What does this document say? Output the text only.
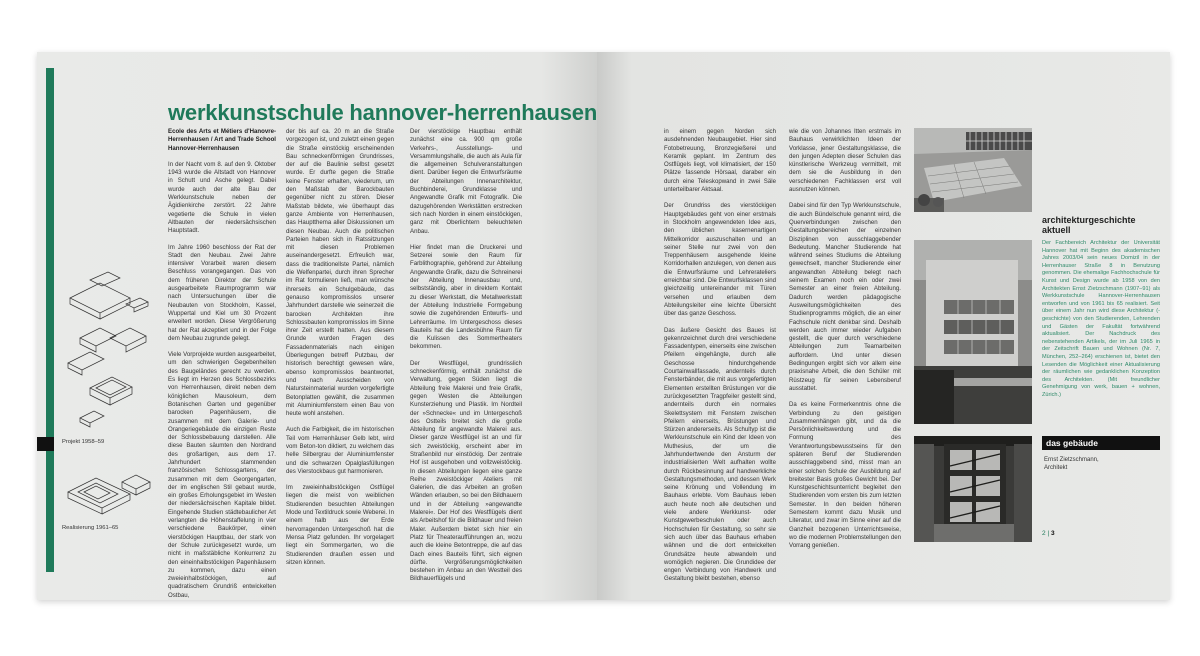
werkkunstschule hannover-herrenhausen

Ecole des Arts et Métiers d'Hanovre-Herrenhausen / Art and Trade School Hannover-Herrenhausen

In der Nacht vom 8. auf den 9. Oktober 1943 wurde die Altstadt von Hannover in Schutt und Asche gelegt. Dabei wurde auch der alte Bau der Werkkunstschule neben der Ägidienkirche zerstört. 22 Jahre vegetierte die Schule in vielen Altbauten der niedersächsischen Hauptstadt.

Im Jahre 1960 beschloss der Rat der Stadt den Neubau. Zwei Jahre intensiver Vorarbeit waren diesem Beschluss vorangegangen. Das von dem früheren Direktor der Schule ausgearbeitete Raumprogramm war nach Untersuchungen über die Neubauten von Stockholm, Kassel, Wuppertal und Kiel um 30 Prozent erweitert worden. Diese Vergrößerung hat der Rat akzeptiert und in der Folge dem Neubau zugrunde gelegt.

Viele Vorprojekte wurden ausgearbeitet, um den schwierigen Gegebenheiten des Baugeländes gerecht zu werden. Es liegt im Herzen des Schlossbezirks von Herrenhausen, direkt neben dem königlichen Mausoleum, dem Botanischen Garten und gegenüber barocken Pagenhäusern, die zusammen mit dem Galerie- und Orangeriegebäude die einzigen Reste der Schlossbebauung darstellen. Alle diese Bauten säumten den Nordrand des großartigen, aus dem 17. Jahrhundert stammenden französischen Schlossgartens, der zusammen mit dem Georgengarten, der im englischen Stil gebaut wurde, ein großes Erholungsgebiet im Westen der niedersächsischen Kapitale bildet. Eingehende Studien städtebaulicher Art verlangten die Höhenstaffelung in vier verschiedene Baukörper, einen vierstöckigen Hauptbau, der stark von der Schule zurückgesetzt wurde, um nicht in maßstäbliche Konkurrenz zu den eineinhalbstöckigen Pagenhäusern zu kommen, dazu einen zweieinhalbstöckigen, auf quadratischem Grundriß entwickelten Ostbau,

der bis auf ca. 20 m an die Straße vorgezogen ist, und zuletzt einen gegen die Straße einstöckig erscheinenden Bau schneckenförmigen Grundrisses, der auf die Baulinie selbst gesetzt wurde. Er durfte gegen die Straße keine Fenster erhalten, wiederum, um den Maßstab der Barockbauten gegenüber nicht zu stören. Dieser Maßstab bildete, wie überhaupt das ganze Ambiente von Herrenhausen, das Hauptthema aller Diskussionen um diesen Neubau. Auch die politischen Parteien haben sich in Ratssitzungen mit diesen Problemen auseinandergesetzt. Erfreulich war, dass die traditionellste Partei, nämlich die Welfenpartei, durch ihren Sprecher im Rat formulieren ließ, man wünsche ihrerseits ein Schulgebäude, das genauso kompromisslos unserer Jahrhundert darstelle wie seinerzeit die barocken Architekten ihre Schlossbauten kompromisslos im Sinne ihrer Zeit erstellt hatten. Aus diesem Grunde wurden Fragen des Fassadenmaterials nach einigen Überlegungen betreff Putzbau, der historisch berechtigt gewesen wäre, ebenso kompromisslos beantwortet, und nach Ausscheiden von Natursteinmaterial wurden vorgefertigte Betonplatten gewählt, die zusammen mit Aluminiumfenstern einen Bau von heute wohl anstehen.

Auch die Farbigkeit, die im historischen Teil vom Herrenhäuser Gelb lebt, wird vom Beton-ton diktiert, zu welchem das helle Silbergrau der Aluminiumfenster und die schwarzen Opalglasfüllungen des Vierstockbaus gut harmonieren.

Im zweieinhalbstöckigen Ostflügel liegen die meist von weiblichen Studierenden besuchten Abteilungen Mode und Textildruck sowie Weberei. In einem halb aus der Erde hervorragenden Untergeschoß hat die Mensa Platz gefunden. Ihr vorgelagert liegt ein Sommergarten, wo die Studierenden draußen essen und sitzen können.

Der vierstöckige Hauptbau enthält zunächst eine ca. 900 qm große Verkehrs-, Ausstellungs- und Versammlungshalle, die auch als Aula für die allgemeinen Schulveranstaltungen dient. Darüber liegen die Entwurfsräume der Abteilungen Innenarchitektur, Buchbinderei, Grundklasse und Angewandte Grafik mit Fotografik. Die dazugehörenden Werkstätten erstrecken sich nach Norden in einem einstöckigen, ganz mit Oberlichtern beleuchteten Anbau.

Hier findet man die Druckerei und Setzerei sowie den Raum für Farblithographie, gehörend zur Abteilung Angewandte Grafik, dazu die Schreinerei der Abteilung Innenausbau und, selbstständig, aber in direktem Kontakt zu dieser Werkstatt, die Metallwerkstatt der Abteilung Industrielle Formgebung sowie die zugehörenden Entwurfs- und Lehrerräume. Im Untergeschoss dieses Bauteils hat die Landesbühne Raum für die Kulissen des Sommertheaters bekommen.

Der Westflügel, grundrisslich schneckenförmig, enthält zunächst die Verwaltung, gegen Süden liegt die Abteilung freie Malerei und freie Grafik, gegen Westen die Abteilungen Kunsterziehung und Plastik. Im Nordteil der »Schnecke« und im Untergeschoß des Ostteils breitet sich die große Abteilung für angewandte Malerei aus. Dieser ganze Westflügel ist an und für sich zweistöckig, erscheint aber im Straßenbild nur einstöckig. Der zentrale Hof ist ausgehoben und vollzweistöckig. In diesen Abteilungen liegen eine ganze Reihe zweistöckiger Ateliers mit Galerien, die das Arbeiten an großen Wänden erlauben, so bei den Bildhauern und in der Abteilung »angewandte Malerei«. Der Hof des Westflügels dient als Arbeitshof für die Bildhauer und freien Maler. Außerdem bietet sich hier ein Platz für Theateraufführungen an, wozu auch die kleine Betontreppe, die auf das Dach eines Bauteils führt, sich eignen dürfte. Vergrößerungsmöglichkeiten bestehen im Anbau an den Westteil des Bildhauerflügels und

Projekt 1958–59
Realisierung 1961–65

in einem gegen Norden sich ausdehnenden Neubaugebiet. Hier sind Fotobetreuung, Bronzegießerei und Keramik geplant. Im Zentrum des Ostflügels liegt, voll klimatisiert, der 150 Plätze fassende Hörsaal, daraber ein durch eine Teleskopwand in zwei Säle unterteilbarer Aktsaal.

Der Grundriss des vierstöckigen Hauptgebäudes geht von einer erstmals in Stockholm angewendeten Idee aus, den üblichen kasernenartigen Mittelkorridor auszuschalten und an seiner Stelle nur zwei von den Treppenhäusern ausgehende kleine Korridorhallen anzulegen, von denen aus die Entwurfsräume und Lehrerateliers erreichbar sind. Die Entwurfsklassen sind gleichzeitig untereinander mit Türen versehen und erlauben dem Abteilungsleiter eine leichte Übersicht über das ganze Geschoss.

Das äußere Gesicht des Baues ist gekennzeichnet durch drei verschiedene Fassadentypen, einerseits eine zwischen Pfeilern eingehängte, durch alle Geschosse hindurchgehende Courtainwallfassade, andernteils durch Fensterbänder, die mit aus vorgefertigten Elementen erstellten Brüstungen vor die zurückgesetzten Tragpfeiler gestellt sind, andernteils durch ein normales Skelettsystem mit Fenstern zwischen Pfeilern einerseits, Brüstungen und Stürzen andererseits. Als Schultyp ist die Werkkunstschule ein Kind der Ideen von Muthesius, der um die Jahrhundertwende den Ansturm der industrialisierten Welt aufhalten wollte durch Rückbesinnung auf handwerkliche Gestaltungsmethoden, und dessen Werk seine Krönung und Vollendung im Bauhaus erlebte. Vom Bauhaus leben auch heute noch alle deutschen und viele andere Werkkunst- oder Kunstgewerbeschulen oder auch Hochschulen für Gestaltung, so sehr sie sich auch über das Bauhaus erhaben wähnen und die dort entwickelten Grundsätze heute abwandeln und womöglich negieren. Die Grundidee der engen Verbindung von Handwerk und Gestaltung bleibt bestehen, ebenso

wie die von Johannes Itten erstmals im Bauhaus verwirklichten Ideen der Vorklasse, jener Gestaltungsklasse, die den jungen Adepten dieser Schulen das künstlerische Werkzeug vermittelt, mit dem sie die Ausbildung in den verschiedenen Fachklassen erst voll ausnutzen können.

Dabei sind für den Typ Werkkunstschule, die auch Bündelschule genannt wird, die Querverbindungen zwischen den Gestaltungsbereichen der einzelnen Disziplinen von ausschlaggebender Bedeutung. Mancher Studierende hat während seines Studiums die Abteilung gewechselt, mancher Studierende einer angewandten Abteilung belegt nach seinem Examen noch ein oder zwei Semester an einer freien Abteilung. Dadurch werden pädagogische Ausweitungsmöglichkeiten des Studienprogramms möglich, die an einer Fachschule nicht denkbar sind. Deshalb werden auch immer wieder Aufgaben gestellt, die quer durch verschiedene Abteilungen zum Teamarbeiten auffordern. Und unter diesen Bedingungen ergibt sich vor allem eine praxisnahe Arbeit, die den Schüler mit Rüstzeug für seinen Lebensberuf ausstattet.

Da es keine Formerkenntnis ohne die Verbindung zu den geistigen Zusammenhängen gibt, und da die Persönlichkeitswerdung und die Formung des Verantwortungsbewusstseins für den späteren Beruf der Studierenden ausschlaggebend sind, misst man an einer solchen Schule der Ausbildung auf breitester Basis großes Gewicht bei. Der Kunstgeschichtsunterricht begleitet den Studierenden vom ersten bis zum letzten Semester. In den beiden höheren Semestern kommt dazu Musik und Literatur, und zwar im Sinne einer auf die Ganzheit bezogenen Unterrichtsweise, wo die modernen Problemstellungen den Vorrang genießen.

architekturgeschichte
aktuell
Der Fachbereich Architektur der Universität Hannover hat mit Beginn des akademischen Jahres 2003/04 sein neues Domizil in der Herrenhauser Straße 8 in Benutzung genommen. Die ehemalige Fachhochschule für Kunst und Design wurde ab 1958 von den Architekten Ernst Zietzschmann (1907–91) als Werkkunstschule Hannover-Herrenhausen entworfen und von 1961 bis 65 realisiert. Seit über einem Jahr nun wird diese Architektur (-geschichte) von den Studierenden, Lehrenden und Gästen der Fakultät fortwährend aktualisiert. Der Nachdruck des nebenstehenden Artikels, der im Juli 1965 in der Zeitschrift Bauen und Wohnen (Nr. 7, München, 252–264) erschienen ist, bietet den Lesenden die Möglichkeit einer Aktualisierung der räumlichen wie gedanklichen Konzeption des Architekten. (Mit freundlicher Genehmigung von werk, bauen + wohnen, Zürich.)
das gebäude
Ernst Zietzschmann,
Architekt
2 | 3
